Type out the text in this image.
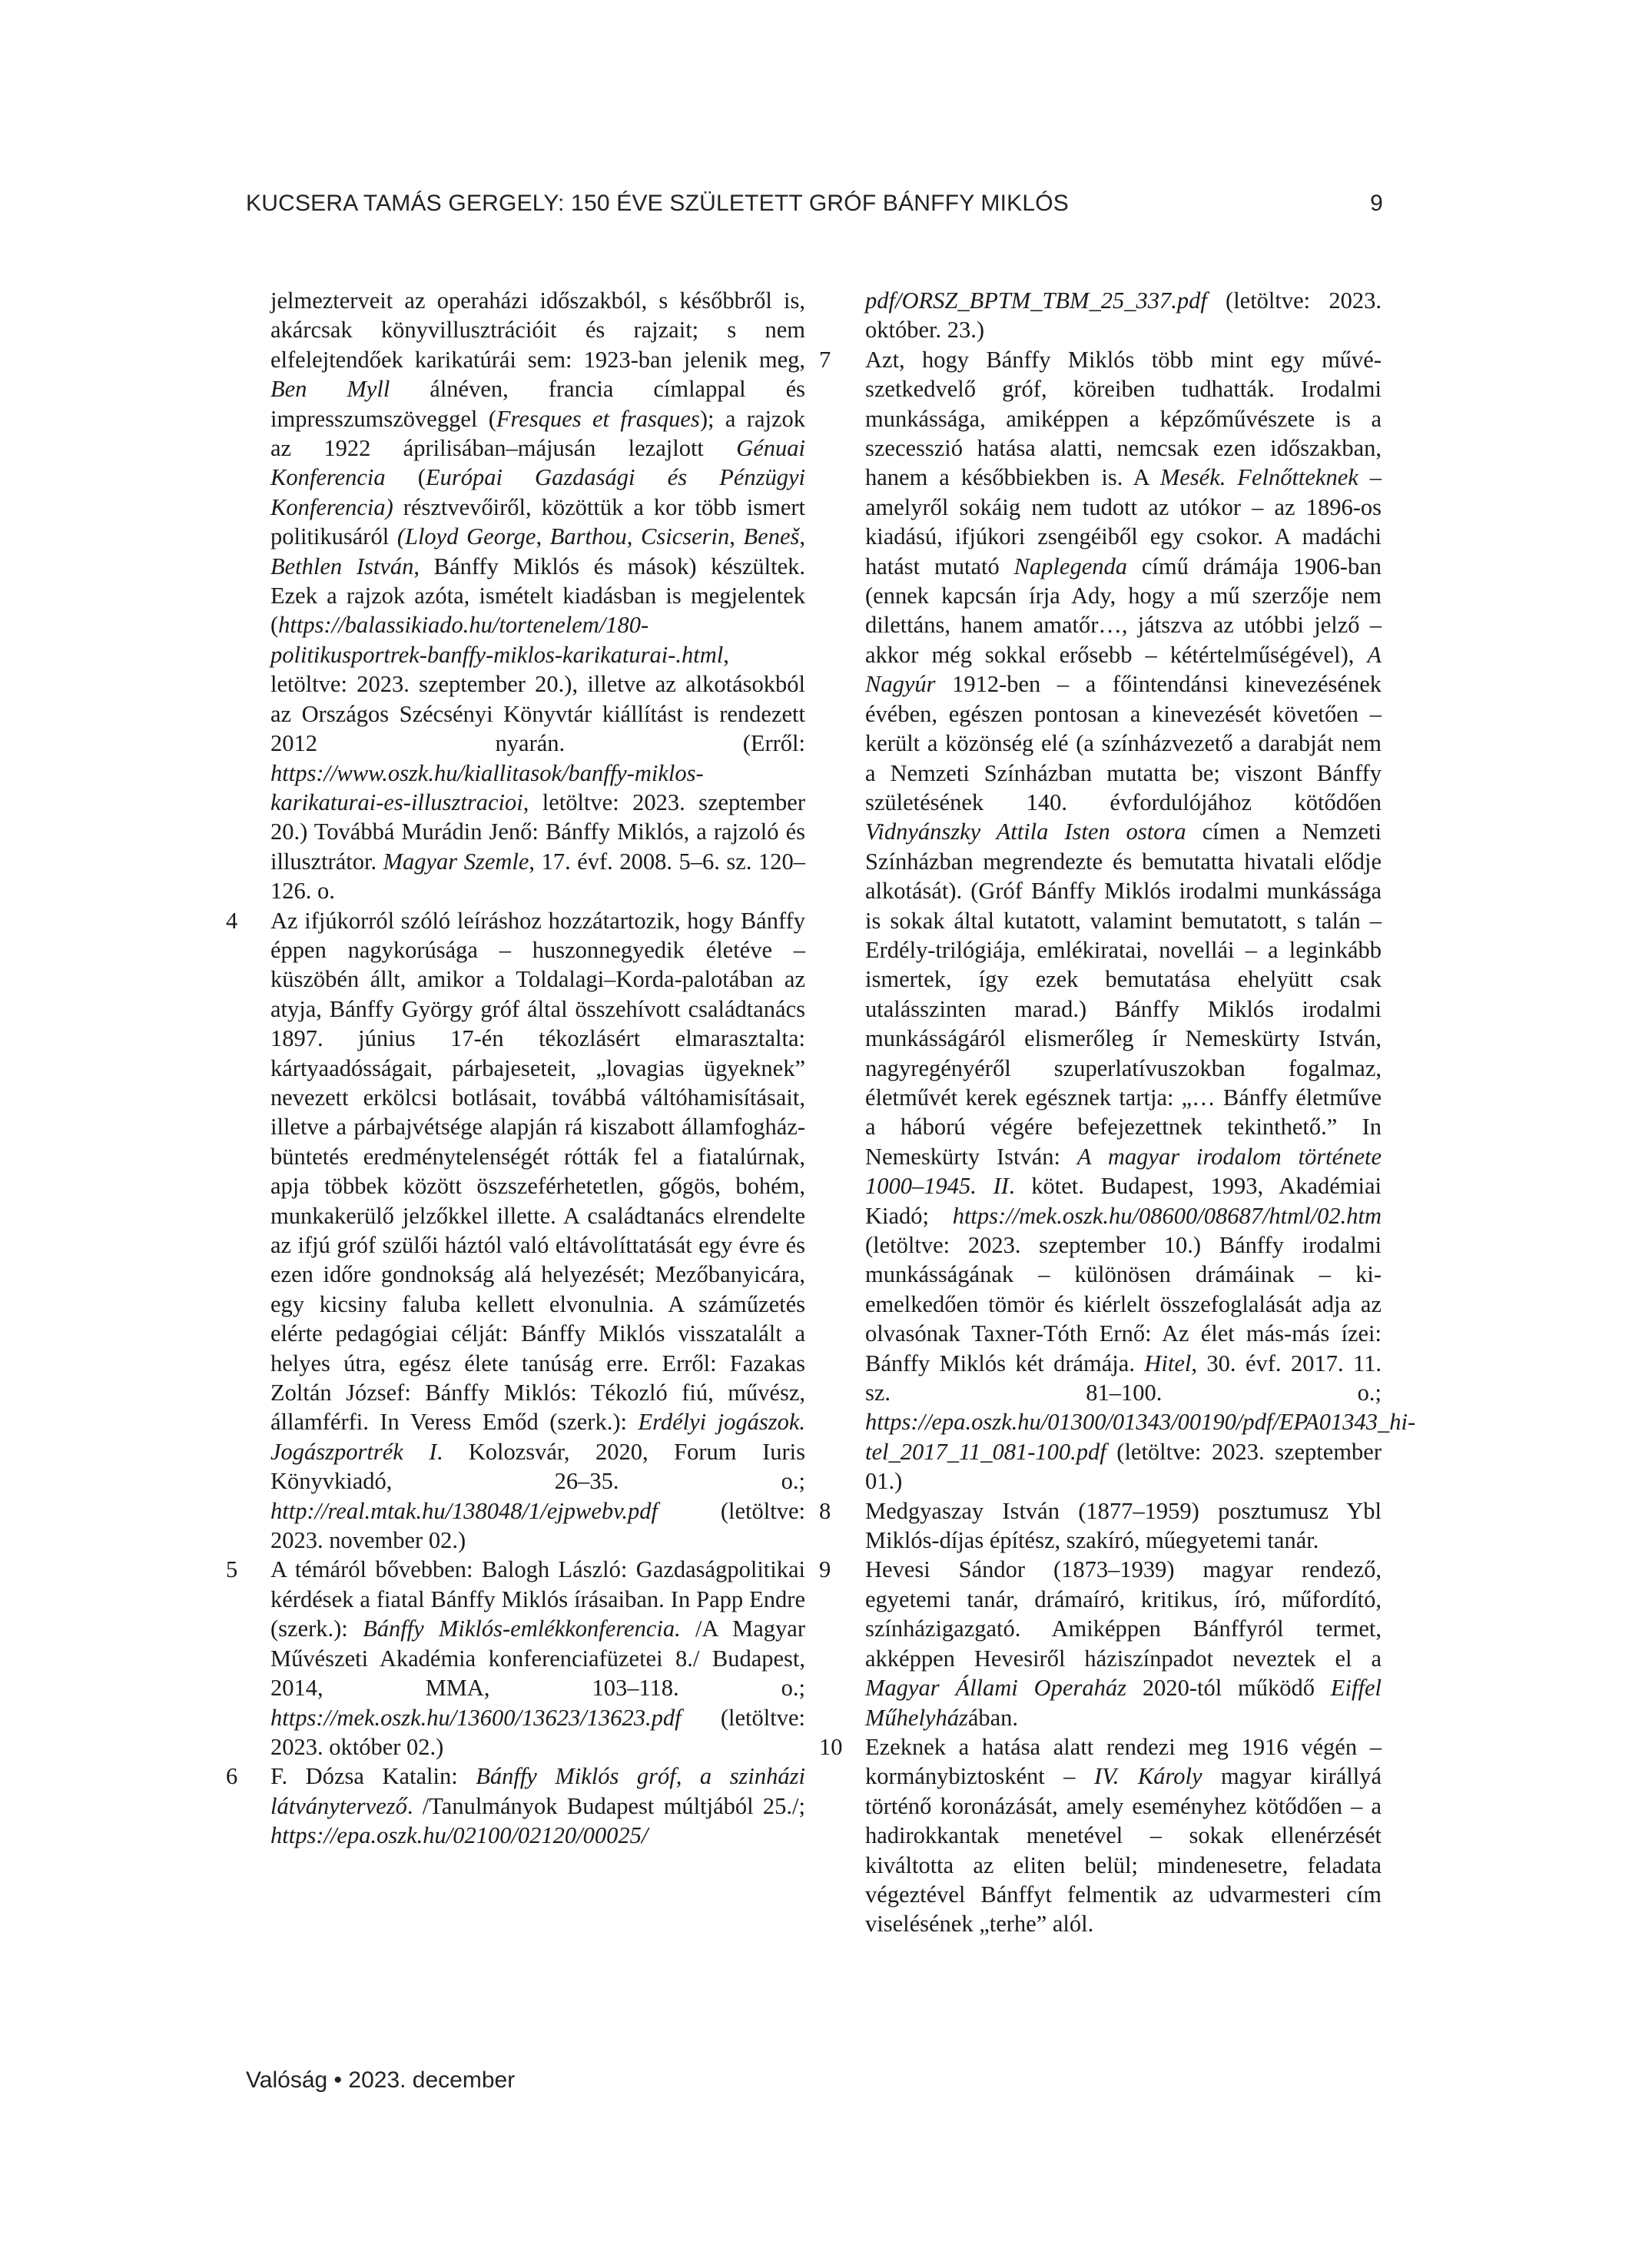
KUCSERA TAMÁS GERGELY: 150 ÉVE SZÜLETETT GRÓF BÁNFFY MIKLÓS	9

jelmezterveit az operaházi időszakból, s későbbről is, akárcsak könyvillusztrációit és rajzait; s nem elfelejtendőek karikatúrái sem: 1923-ban jelenik meg, Ben Myll álnéven, francia címlappal és impresszumszöveggel (Fresques et frasques); a rajzok az 1922 áprilisában–májusán lezajlott Génuai Konferencia (Európai Gazdasági és Pénzügyi Konferencia) résztvevőiről, közöttük a kor több ismert politikusáról (Lloyd George, Barthou, Csicserin, Beneš, Bethlen István, Bánffy Miklós és mások) készültek. Ezek a rajzok azóta, ismételt kiadásban is megjelentek (https://balassikiado.hu/tortenelem/180-politikusportrek-banffy-miklos-karikaturai-.html, letöltve: 2023. szeptember 20.), illetve az alkotásokból az Országos Szécsényi Könyvtár kiállítást is rendezett 2012 nyarán. (Erről: https://www.oszk.hu/kiallitasok/banffy-miklos-karikaturai-es-illusztracioi, letöltve: 2023. szeptember 20.) Továbbá Murádin Jenő: Bánffy Miklós, a rajzoló és illusztrátor. Magyar Szemle, 17. évf. 2008. 5–6. sz. 120–126. o.

4	Az ifjúkorról szóló leíráshoz hozzátartozik, hogy Bánffy éppen nagykorúsága – huszonnegyedik életéve – küszöbén állt, amikor a Toldalagi–Korda-palotában az atyja, Bánffy György gróf által összehívott családtanács 1897. június 17-én tékozlásért elmarasztalta: kártyaadósságait, párbajeseteit, „lovagias ügyeknek” nevezett erkölcsi botlásait, továbbá váltóhamisításait, illetve a párbajvétsége alapján rá kiszabott államfogház-büntetés eredménytelenségét rótták fel a fiatalúrnak, apja többek között öszszeférhetetlen, gőgös, bohém, munkakerülő jelzőkkel illette. A családtanács elrendelte az ifjú gróf szülői háztól való eltávolíttatását egy évre és ezen időre gondnokság alá helyezését; Mezőbanyicára, egy kicsiny faluba kellett elvonulnia. A száműzetés elérte pedagógiai célját: Bánffy Miklós visszatalált a helyes útra, egész élete tanúság erre. Erről: Fazakas Zoltán József: Bánffy Miklós: Tékozló fiú, művész, államférfi. In Veress Emőd (szerk.): Erdélyi jogászok. Jogászportrék I. Kolozsvár, 2020, Forum Iuris Könyvkiadó, 26–35. o.; http://real.mtak.hu/138048/1/ejpwebv.pdf (letöltve: 2023. november 02.)

5	A témáról bővebben: Balogh László: Gazdaságpolitikai kérdések a fiatal Bánffy Miklós írásaiban. In Papp Endre (szerk.): Bánffy Miklós-emlékkonferencia. /A Magyar Művészeti Akadémia konferenciafüzetei 8./ Budapest, 2014, MMA, 103–118. o.; https://mek.oszk.hu/13600/13623/13623.pdf (letöltve: 2023. október 02.)

6	F. Dózsa Katalin: Bánffy Miklós gróf, a szinházi látványtervező. /Tanulmányok Budapest múltjából 25./; https://epa.oszk.hu/02100/02120/00025/

pdf/ORSZ_BPTM_TBM_25_337.pdf (letöltve: 2023. október. 23.)

7	Azt, hogy Bánffy Miklós több mint egy művészetkedvelő gróf, köreiben tudhatták. Irodalmi munkássága, amiképpen a képzőművészete is a szecesszió hatása alatti, nemcsak ezen időszakban, hanem a későbbiekben is. A Mesék. Felnőtteknek – amelyről sokáig nem tudott az utókor – az 1896-os kiadású, ifjúkori zsengéiből egy csokor. A madáchi hatást mutató Naplegenda című drámája 1906-ban (ennek kapcsán írja Ady, hogy a mű szerzője nem dilettáns, hanem amatőr…, játszva az utóbbi jelző – akkor még sokkal erősebb – kétértelműségével), A Nagyúr 1912-ben – a főintendánsi kinevezésének évében, egészen pontosan a kinevezését követően – került a közönség elé (a színházvezető a darabját nem a Nemzeti Színházban mutatta be; viszont Bánffy születésének 140. évfordulójához kötődően Vidnyánszky Attila Isten ostora címen a Nemzeti Színházban megrendezte és bemutatta hivatali elődje alkotását). (Gróf Bánffy Miklós irodalmi munkássága is sokak által kutatott, valamint bemutatott, s talán – Erdély-trilógiája, emlékiratai, novellái – a leginkább ismertek, így ezek bemutatása ehelyütt csak utalásszinten marad.) Bánffy Miklós irodalmi munkásságáról elismerőleg ír Nemeskürty István, nagyregényéről szuperlatívuszokban fogalmaz, életművét kerek egésznek tartja: „… Bánffy életműve a háború végére befejezettnek tekinthető.” In Nemeskürty István: A magyar irodalom története 1000–1945. II. kötet. Budapest, 1993, Akadémiai Kiadó; https://mek.oszk.hu/08600/08687/html/02.htm (letöltve: 2023. szeptember 10.) Bánffy irodalmi munkásságának – különösen drámáinak – kiemelkedően tömör és kiérlelt összefoglalását adja az olvasónak Taxner-Tóth Ernő: Az élet más-más ízei: Bánffy Miklós két drámája. Hitel, 30. évf. 2017. 11. sz. 81–100. o.; https://epa.oszk.hu/01300/01343/00190/pdf/EPA01343_hitel_2017_11_081-100.pdf (letöltve: 2023. szeptember 01.)

8	Medgyaszay István (1877–1959) posztumusz Ybl Miklós-díjas építész, szakíró, műegyetemi tanár.

9	Hevesi Sándor (1873–1939) magyar rendező, egyetemi tanár, drámaíró, kritikus, író, műfordító, színházigazgató. Amiképpen Bánffyról termet, akképpen Hevesiről háziszínpadot neveztek el a Magyar Állami Operaház 2020-tól működő Eiffel Műhelyházában.

10 Ezeknek a hatása alatt rendezi meg 1916 végén – kormánybiztosként – IV. Károly magyar királlyá történő koronázását, amely eseményhez kötődően – a hadirokkantak menetével – sokak ellenérzését kiváltotta az eliten belül; mindenesetre, feladata végeztével Bánffyt felmentik az udvarmesteri cím viselésének „terhe” alól.

Valóság • 2023. december
